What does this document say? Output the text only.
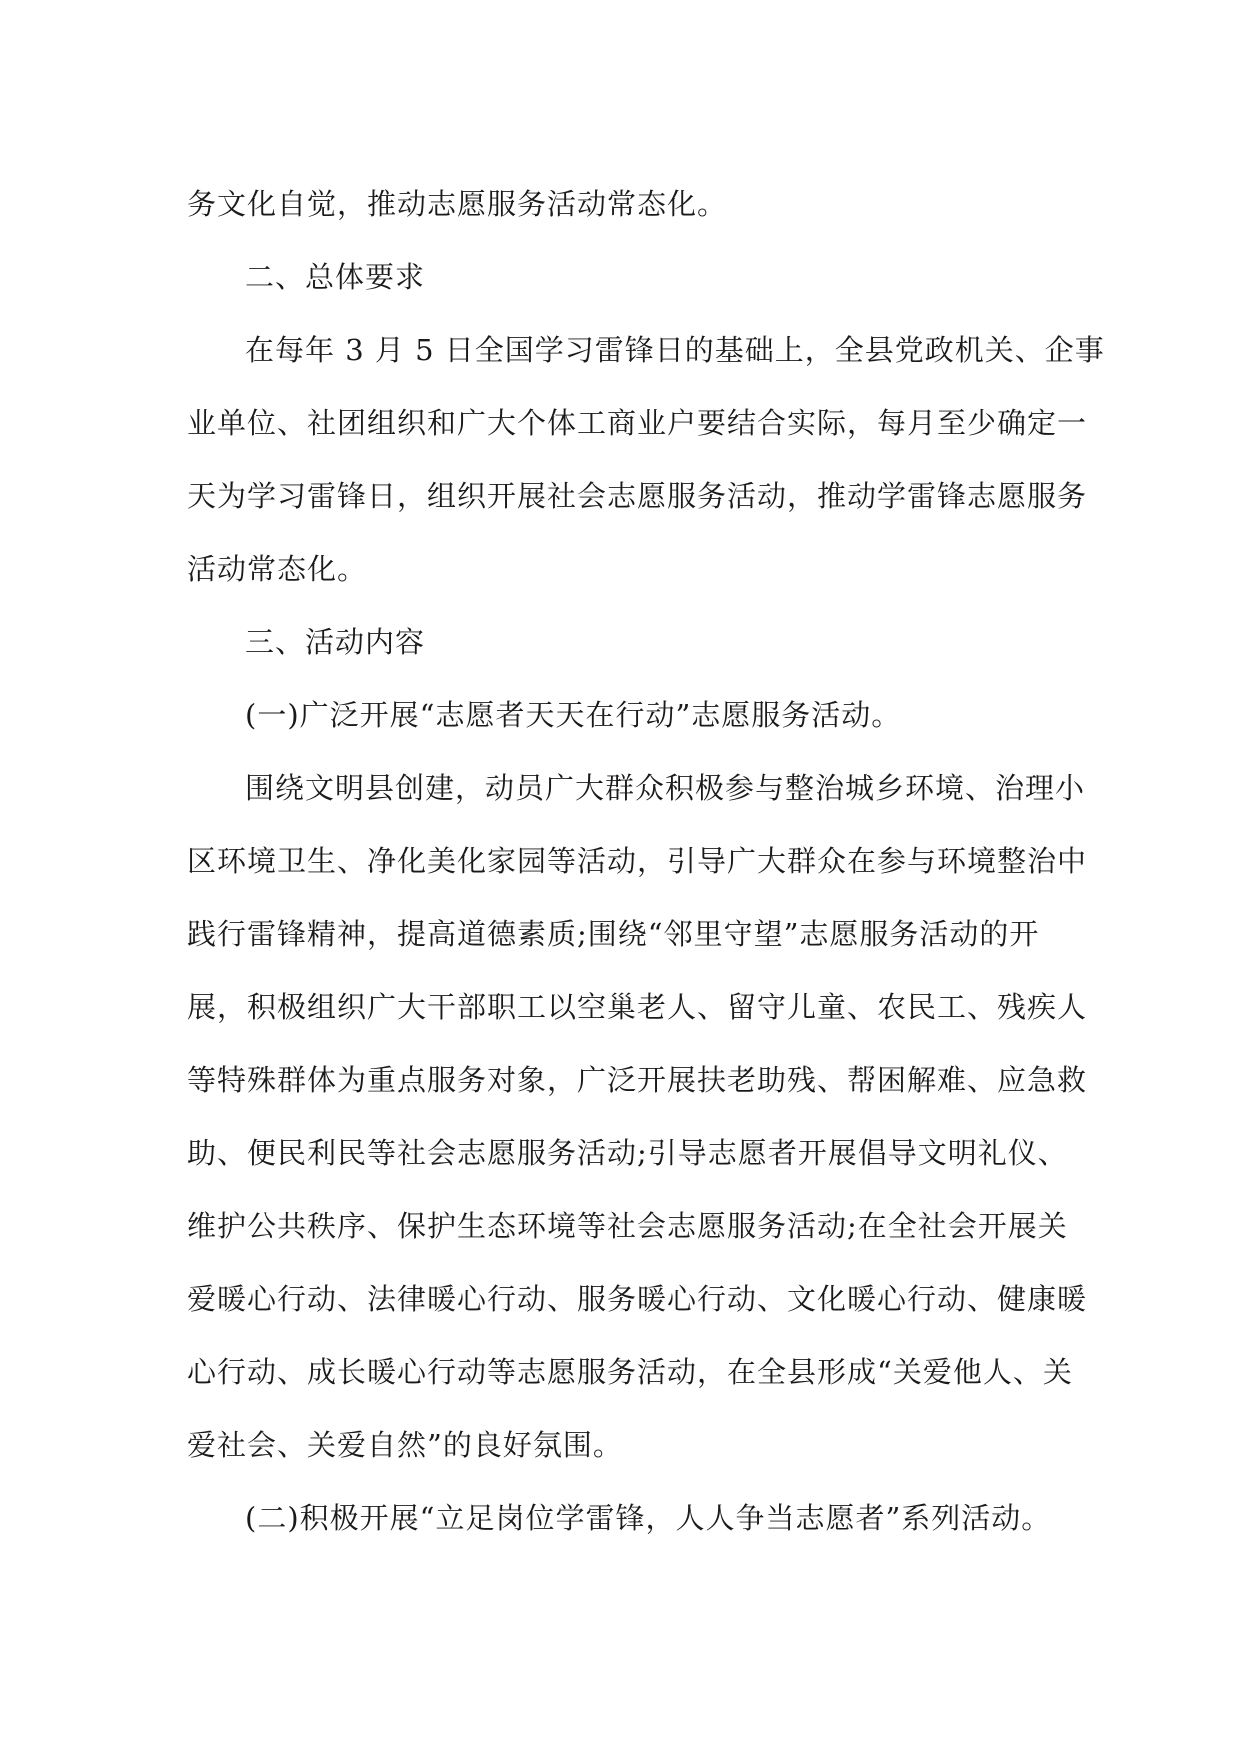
务文化自觉，推动志愿服务活动常态化。
二、总体要求
在每年 3 月 5 日全国学习雷锋日的基础上，全县党政机关、企事
业单位、社团组织和广大个体工商业户要结合实际，每月至少确定一
天为学习雷锋日，组织开展社会志愿服务活动，推动学雷锋志愿服务
活动常态化。
三、活动内容
(一)广泛开展“志愿者天天在行动”志愿服务活动。
围绕文明县创建，动员广大群众积极参与整治城乡环境、治理小
区环境卫生、净化美化家园等活动，引导广大群众在参与环境整治中
践行雷锋精神，提高道德素质;围绕“邻里守望”志愿服务活动的开
展，积极组织广大干部职工以空巢老人、留守儿童、农民工、残疾人
等特殊群体为重点服务对象，广泛开展扶老助残、帮困解难、应急救
助、便民利民等社会志愿服务活动;引导志愿者开展倡导文明礼仪、
维护公共秩序、保护生态环境等社会志愿服务活动;在全社会开展关
爱暖心行动、法律暖心行动、服务暖心行动、文化暖心行动、健康暖
心行动、成长暖心行动等志愿服务活动，在全县形成“关爱他人、关
爱社会、关爱自然”的良好氛围。
(二)积极开展“立足岗位学雷锋，人人争当志愿者”系列活动。
